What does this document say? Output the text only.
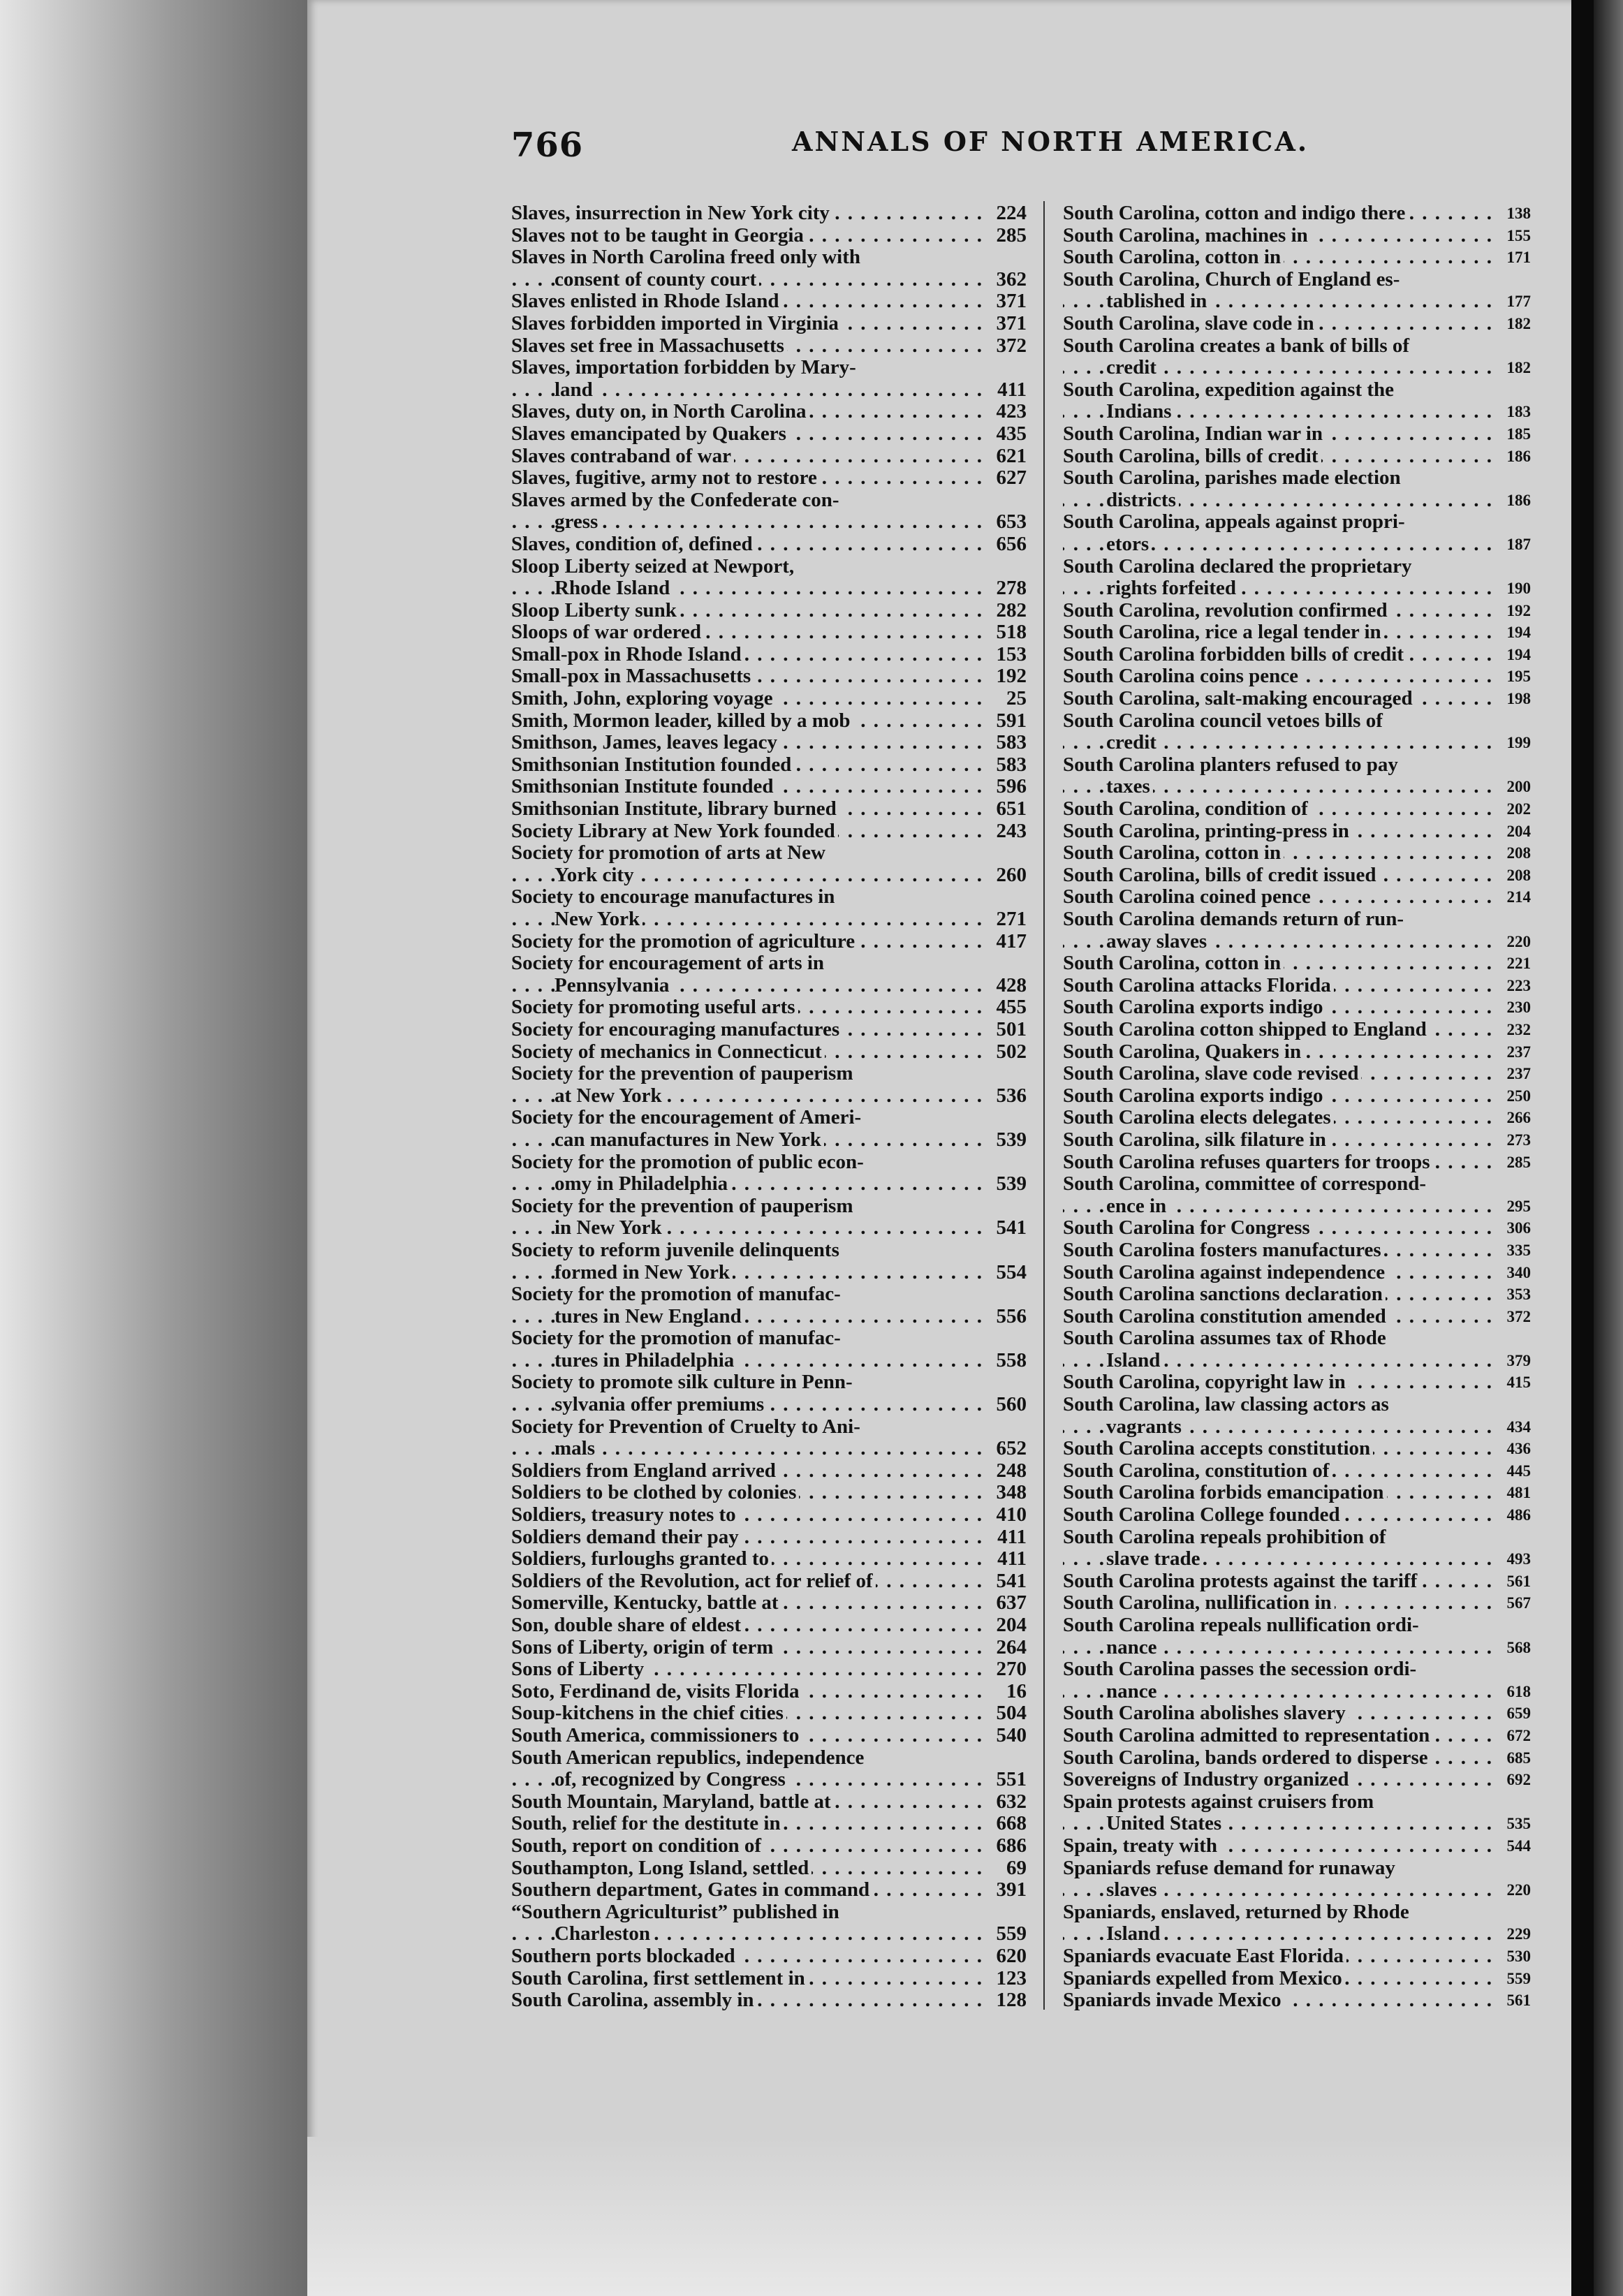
766	ANNALS OF NORTH AMERICA.
. . . Slaves, insurrection in New York city	224
. . . Slaves not to be taught in Georgia	285
Slaves in North Carolina freed only with
. . . consent of county court	362
. . . Slaves enlisted in Rhode Island	371
. . . Slaves forbidden imported in Virginia	371
. . . Slaves set free in Massachusetts	372
Slaves, importation forbidden by Mary-
. . . land	411
. . . Slaves, duty on, in North Carolina	423
. . . Slaves emancipated by Quakers	435
. . . Slaves contraband of war	621
. . . Slaves, fugitive, army not to restore	627
Slaves armed by the Confederate con-
. . . gress	653
. . . Slaves, condition of, defined	656
Sloop Liberty seized at Newport,
. . . Rhode Island	278
. . . Sloop Liberty sunk	282
. . . Sloops of war ordered	518
. . . Small-pox in Rhode Island	153
. . . Small-pox in Massachusetts	192
. . . Smith, John, exploring voyage	25
. . . Smith, Mormon leader, killed by a mob	591
. . . Smithson, James, leaves legacy	583
. . . Smithsonian Institution founded	583
. . . Smithsonian Institute founded	596
. . . Smithsonian Institute, library burned	651
. . . Society Library at New York founded	243
Society for promotion of arts at New
. . . York city	260
Society to encourage manufactures in
. . . New York	271
. . . Society for the promotion of agriculture	417
Society for encouragement of arts in
. . . Pennsylvania	428
. . . Society for promoting useful arts	455
. . . Society for encouraging manufactures	501
. . . Society of mechanics in Connecticut	502
Society for the prevention of pauperism
. . . at New York	536
Society for the encouragement of Ameri-
. . . can manufactures in New York	539
Society for the promotion of public econ-
. . . omy in Philadelphia	539
Society for the prevention of pauperism
. . . in New York	541
Society to reform juvenile delinquents
. . . formed in New York	554
Society for the promotion of manufac-
. . . tures in New England	556
Society for the promotion of manufac-
. . . tures in Philadelphia	558
Society to promote silk culture in Penn-
. . . sylvania offer premiums	560
Society for Prevention of Cruelty to Ani-
. . . mals	652
. . . Soldiers from England arrived	248
. . . Soldiers to be clothed by colonies	348
. . . Soldiers, treasury notes to	410
. . . Soldiers demand their pay	411
. . . Soldiers, furloughs granted to	411
. . . Soldiers of the Revolution, act for relief of	541
. . . Somerville, Kentucky, battle at	637
. . . Son, double share of eldest	204
. . . Sons of Liberty, origin of term	264
. . . Sons of Liberty	270
. . . Soto, Ferdinand de, visits Florida	16
. . . Soup-kitchens in the chief cities	504
. . . South America, commissioners to	540
South American republics, independence
. . . of, recognized by Congress	551
. . . South Mountain, Maryland, battle at	632
. . . South, relief for the destitute in	668
. . . South, report on condition of	686
. . . Southampton, Long Island, settled	69
. . . Southern department, Gates in command	391
“Southern Agriculturist” published in
. . . Charleston	559
. . . Southern ports blockaded	620
. . . South Carolina, first settlement in	123
. . . South Carolina, assembly in	128
. . . South Carolina, cotton and indigo there	138
. . . South Carolina, machines in	155
. . . South Carolina, cotton in	171
South Carolina, Church of England es-
. . . tablished in	177
. . . South Carolina, slave code in	182
South Carolina creates a bank of bills of
. . . credit	182
South Carolina, expedition against the
. . . Indians	183
. . . South Carolina, Indian war in	185
. . . South Carolina, bills of credit	186
South Carolina, parishes made election
. . . districts	186
South Carolina, appeals against propri-
. . . etors	187
South Carolina declared the proprietary
. . . rights forfeited	190
. . . South Carolina, revolution confirmed	192
. . . South Carolina, rice a legal tender in	194
. . . South Carolina forbidden bills of credit	194
. . . South Carolina coins pence	195
. . . South Carolina, salt-making encouraged	198
South Carolina council vetoes bills of
. . . credit	199
South Carolina planters refused to pay
. . . taxes	200
. . . South Carolina, condition of	202
. . . South Carolina, printing-press in	204
. . . South Carolina, cotton in	208
. . . South Carolina, bills of credit issued	208
. . . South Carolina coined pence	214
South Carolina demands return of run-
. . . away slaves	220
. . . South Carolina, cotton in	221
. . . South Carolina attacks Florida	223
. . . South Carolina exports indigo	230
. . . South Carolina cotton shipped to England	232
. . . South Carolina, Quakers in	237
. . . South Carolina, slave code revised	237
. . . South Carolina exports indigo	250
. . . South Carolina elects delegates	266
. . . South Carolina, silk filature in	273
. . . South Carolina refuses quarters for troops	285
South Carolina, committee of correspond-
. . . ence in	295
. . . South Carolina for Congress	306
. . . South Carolina fosters manufactures	335
. . . South Carolina against independence	340
. . . South Carolina sanctions declaration	353
. . . South Carolina constitution amended	372
South Carolina assumes tax of Rhode
. . . Island	379
. . . South Carolina, copyright law in	415
South Carolina, law classing actors as
. . . vagrants	434
. . . South Carolina accepts constitution	436
. . . South Carolina, constitution of	445
. . . South Carolina forbids emancipation	481
. . . South Carolina College founded	486
South Carolina repeals prohibition of
. . . slave trade	493
. . . South Carolina protests against the tariff	561
. . . South Carolina, nullification in	567
South Carolina repeals nullification ordi-
. . . nance	568
South Carolina passes the secession ordi-
. . . nance	618
. . . South Carolina abolishes slavery	659
. . . South Carolina admitted to representation	672
. . . South Carolina, bands ordered to disperse	685
. . . Sovereigns of Industry organized	692
Spain protests against cruisers from
. . . United States	535
. . . Spain, treaty with	544
Spaniards refuse demand for runaway
. . . slaves	220
Spaniards, enslaved, returned by Rhode
. . . Island	229
. . . Spaniards evacuate East Florida	530
. . . Spaniards expelled from Mexico	559
. . . Spaniards invade Mexico	561
